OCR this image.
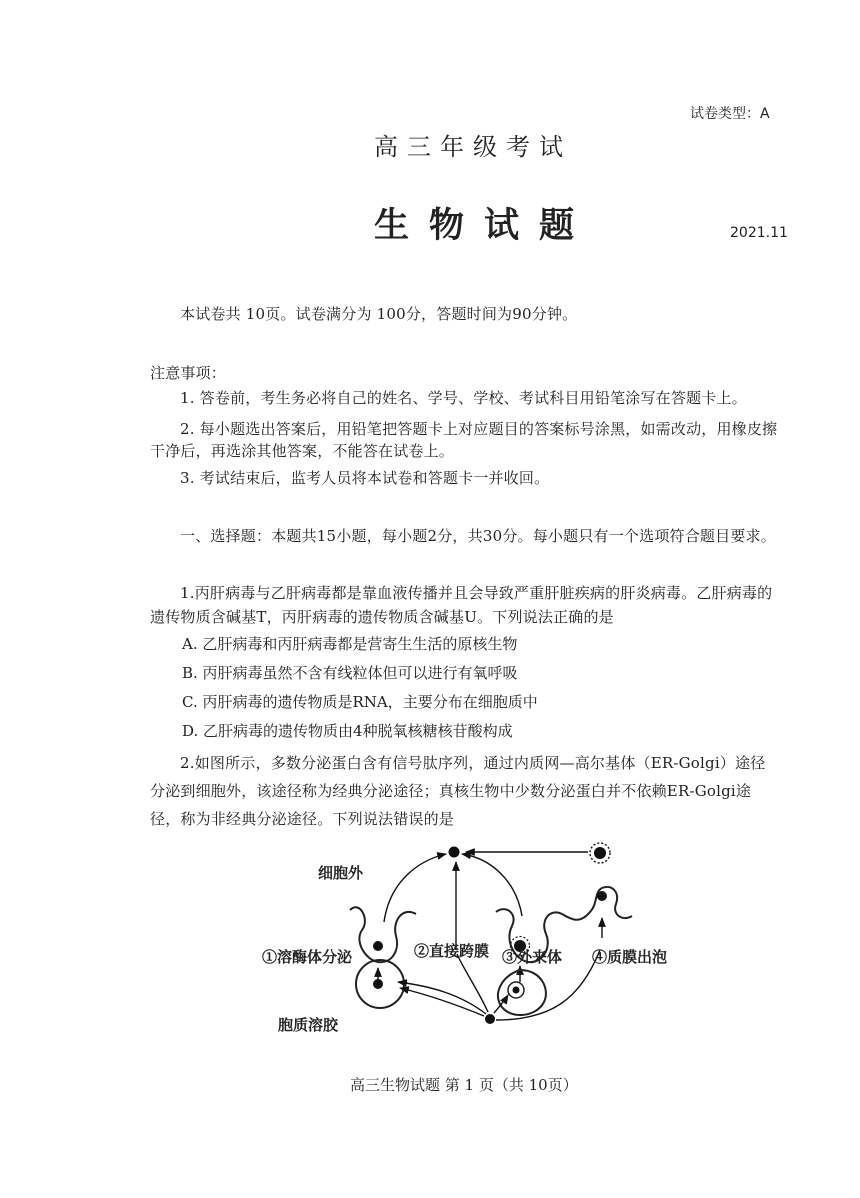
试卷类型：A
高三年级考试
生物试题	2021.11
本试卷共 10页。试卷满分为 100分，答题时间为90分钟。
注意事项：
1. 答卷前，考生务必将自己的姓名、学号、学校、考试科目用铅笔涂写在答题卡上。
2. 每小题选出答案后，用铅笔把答题卡上对应题目的答案标号涂黑，如需改动，用橡皮擦干净后，再选涂其他答案，不能答在试卷上。
3. 考试结束后，监考人员将本试卷和答题卡一并收回。
一、选择题：本题共15小题，每小题2分，共30分。每小题只有一个选项符合题目要求。
1.丙肝病毒与乙肝病毒都是靠血液传播并且会导致严重肝脏疾病的肝炎病毒。乙肝病毒的遗传物质含碱基T，丙肝病毒的遗传物质含碱基U。下列说法正确的是
A. 乙肝病毒和丙肝病毒都是营寄生生活的原核生物
B. 丙肝病毒虽然不含有线粒体但可以进行有氧呼吸
C. 丙肝病毒的遗传物质是RNA，主要分布在细胞质中
D. 乙肝病毒的遗传物质由4种脱氧核糖核苷酸构成
2.如图所示，多数分泌蛋白含有信号肽序列，通过内质网—高尔基体（ER-Golgi）途径分泌到细胞外，该途径称为经典分泌途径；真核生物中少数分泌蛋白并不依赖ER-Golgi途径，称为非经典分泌途径。下列说法错误的是
细胞外
胞质溶胶
①溶酶体分泌	②直接跨膜 ③外来体 ④质膜出泡
高三生物试题 第 1 页（共 10页）
